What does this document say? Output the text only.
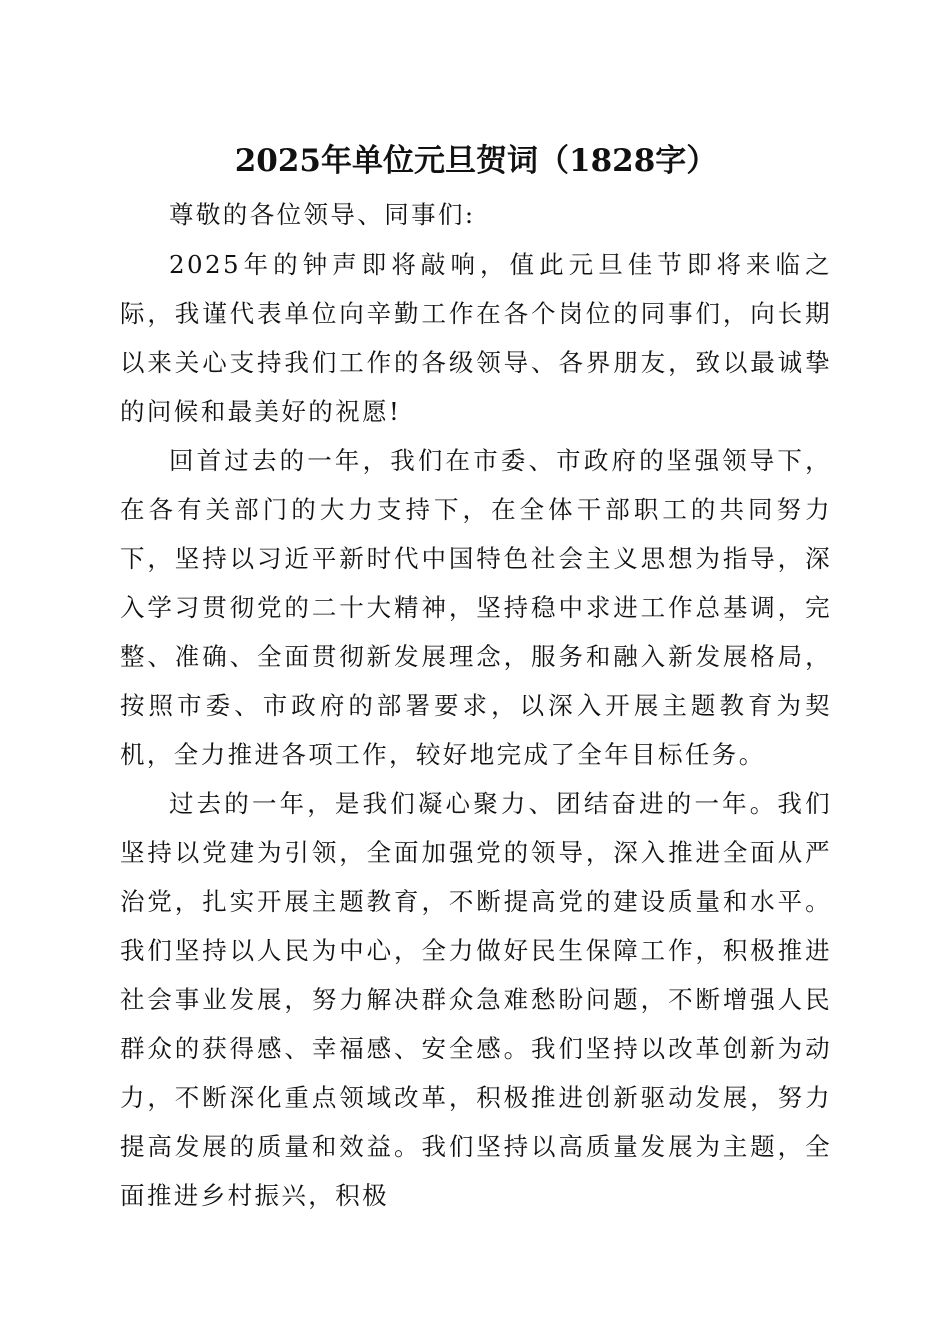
2025年单位元旦贺词（1828字）

尊敬的各位领导、同事们:

2025年的钟声即将敲响，值此元旦佳节即将来临之际，我谨代表单位向辛勤工作在各个岗位的同事们，向长期以来关心支持我们工作的各级领导、各界朋友，致以最诚挚的问候和最美好的祝愿!

回首过去的一年，我们在市委、市政府的坚强领导下，在各有关部门的大力支持下，在全体干部职工的共同努力下，坚持以习近平新时代中国特色社会主义思想为指导，深入学习贯彻党的二十大精神，坚持稳中求进工作总基调，完整、准确、全面贯彻新发展理念，服务和融入新发展格局，按照市委、市政府的部署要求，以深入开展主题教育为契机，全力推进各项工作，较好地完成了全年目标任务。

过去的一年，是我们凝心聚力、团结奋进的一年。我们坚持以党建为引领，全面加强党的领导，深入推进全面从严治党，扎实开展主题教育，不断提高党的建设质量和水平。我们坚持以人民为中心，全力做好民生保障工作，积极推进社会事业发展，努力解决群众急难愁盼问题，不断增强人民群众的获得感、幸福感、安全感。我们坚持以改革创新为动力，不断深化重点领域改革，积极推进创新驱动发展，努力提高发展的质量和效益。我们坚持以高质量发展为主题，全面推进乡村振兴，积极
